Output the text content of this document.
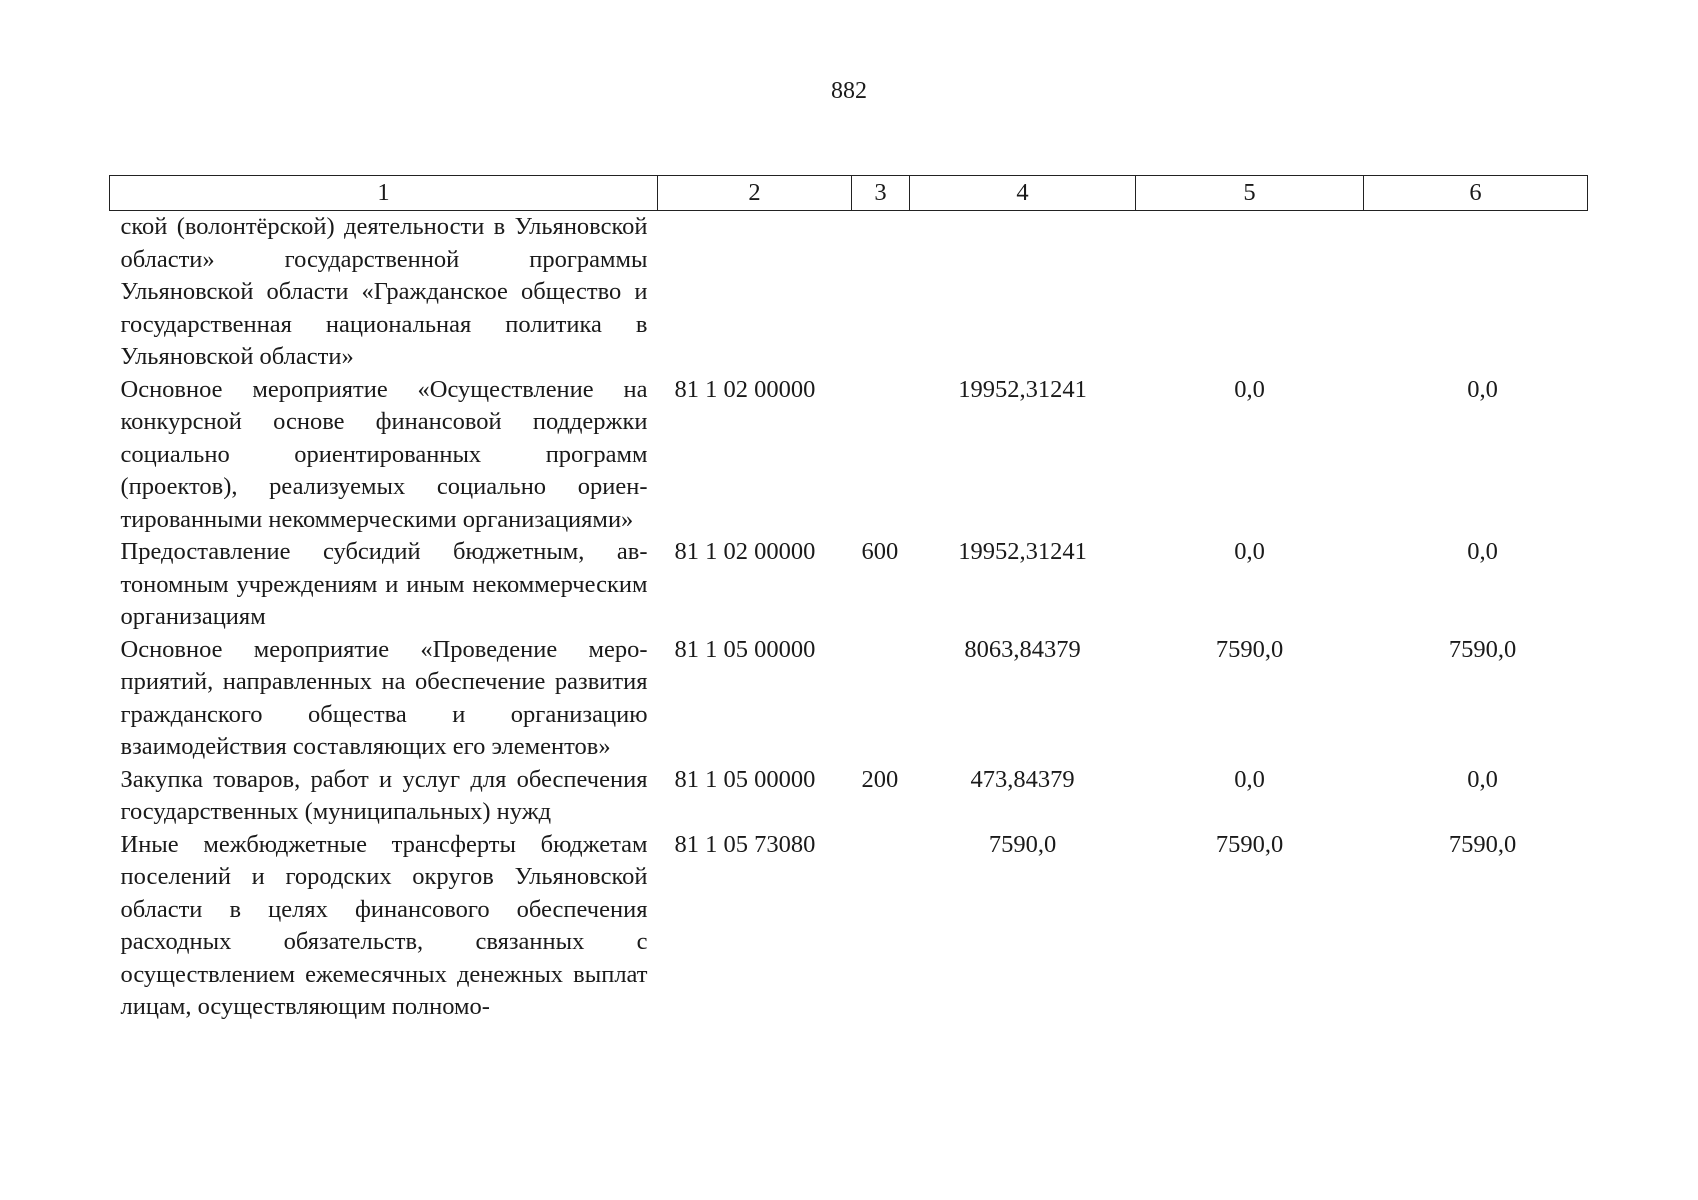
882
1	2	3	4	5	6
ской (волонтёрской) деятельности в Ульяновской области» государственной программы Ульяновской области «Гражданское общество и государственная национальная политика в Ульяновской области»					
Основное мероприятие «Осуществление на конкурсной основе финансовой поддержки социально ориентированных программ (проектов), реализуемых социально ориентированными некоммерческими организациями»	81 1 02 00000		19952,31241	0,0	0,0
Предоставление субсидий бюджетным, автономным учреждениям и иным некоммерческим организациям	81 1 02 00000	600	19952,31241	0,0	0,0
Основное мероприятие «Проведение мероприятий, направленных на обеспечение развития гражданского общества и организацию взаимодействия составляющих его элементов»	81 1 05 00000		8063,84379	7590,0	7590,0
Закупка товаров, работ и услуг для обеспечения государственных (муниципальных) нужд	81 1 05 00000	200	473,84379	0,0	0,0
Иные межбюджетные трансферты бюджетам поселений и городских округов Ульяновской области в целях финансового обеспечения расходных обязательств, связанных с осуществлением ежемесячных денежных выплат лицам, осуществляющим полномо-	81 1 05 73080		7590,0	7590,0	7590,0
